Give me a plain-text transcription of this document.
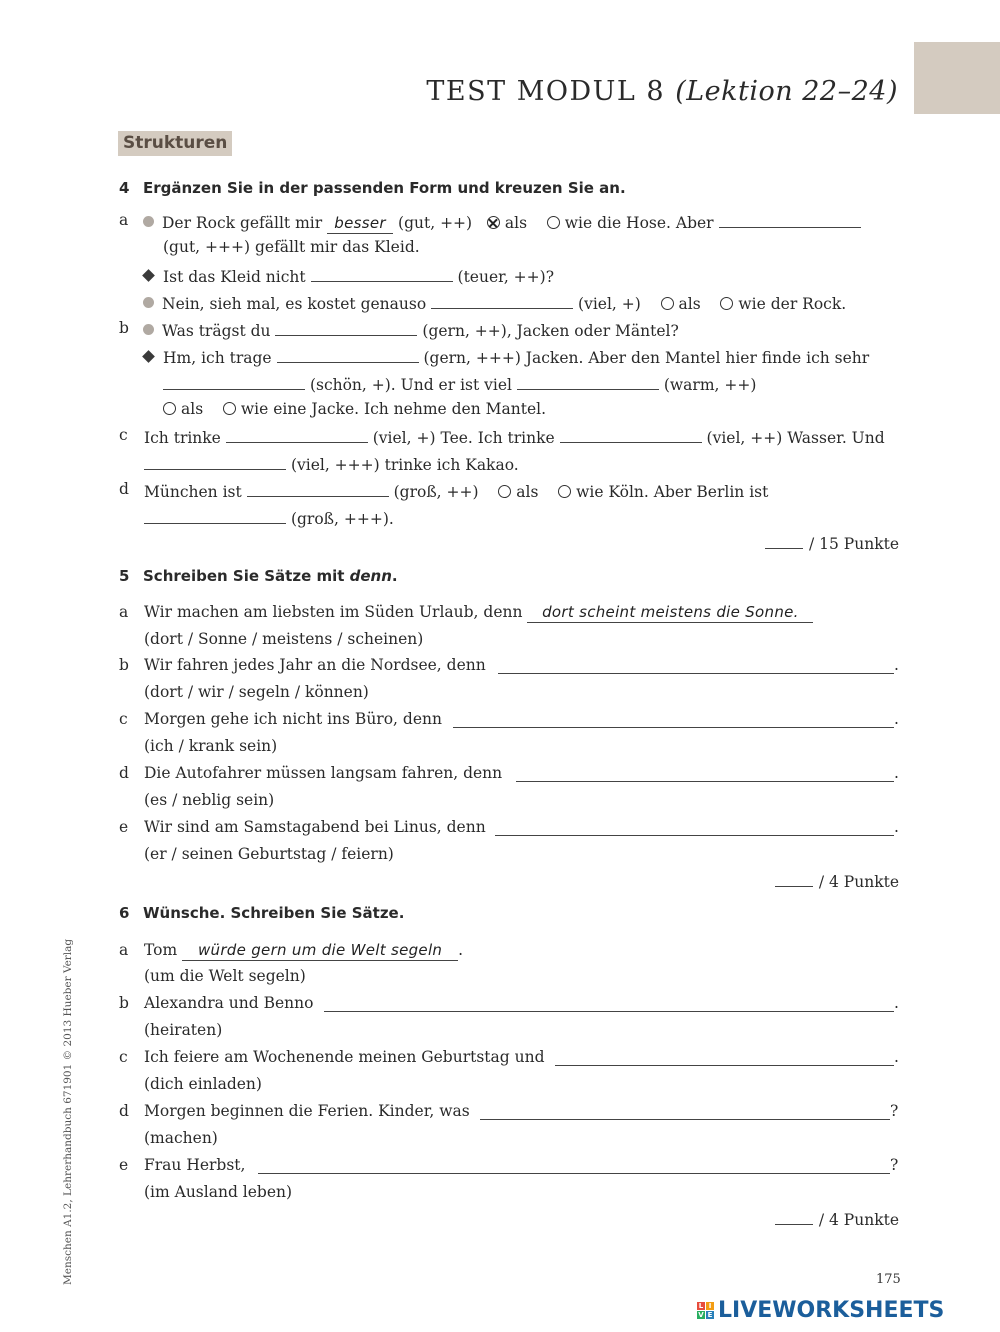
TEST MODUL 8 (Lektion 22–24)
Strukturen
4 Ergänzen Sie in der passenden Form und kreuzen Sie an.
a	Der Rock gefällt mir besser (gut, ++) als wie die Hose. Aber
(gut, +++) gefällt mir das Kleid.
Ist das Kleid nicht	(teuer, ++)?
Nein, sieh mal, es kostet genauso	(viel, +) als wie der Rock.
b	Was trägst du	(gern, ++), Jacken oder Mäntel?
Hm, ich trage	(gern, +++) Jacken. Aber den Mantel hier finde ich sehr
(schön, +). Und er ist viel	(warm, ++)
als wie eine Jacke. Ich nehme den Mantel.
c Ich trinke	(viel, +) Tee. Ich trinke	(viel, ++) Wasser. Und
(viel, +++) trinke ich Kakao.
d München ist	(groß, ++) als wie Köln. Aber Berlin ist
(groß, +++).
/ 15 Punkte
5 Schreiben Sie Sätze mit denn.
a Wir machen am liebsten im Süden Urlaub, denn dort scheint meistens die Sonne.
(dort / Sonne / meistens / scheinen)
b Wir fahren jedes Jahr an die Nordsee, denn	.
(dort / wir / segeln / können)
c Morgen gehe ich nicht ins Büro, denn	.
(ich / krank sein)
d Die Autofahrer müssen langsam fahren, denn	.
(es / neblig sein)
e Wir sind am Samstagabend bei Linus, denn	.
(er / seinen Geburtstag / feiern)
/ 4 Punkte
6 Wünsche. Schreiben Sie Sätze.
a Tom würde gern um die Welt segeln .
(um die Welt segeln)
b Alexandra und Benno	.
(heiraten)
c Ich feiere am Wochenende meinen Geburtstag und	.
(dich einladen)
d Morgen beginnen die Ferien. Kinder, was	?
(machen)
e Frau Herbst,	?
(im Ausland leben)
/ 4 Punkte
Menschen A1.2, Lehrerhandbuch 671901 © 2013 Hueber Verlag	175
L I
V E LIVEWORKSHEETS
